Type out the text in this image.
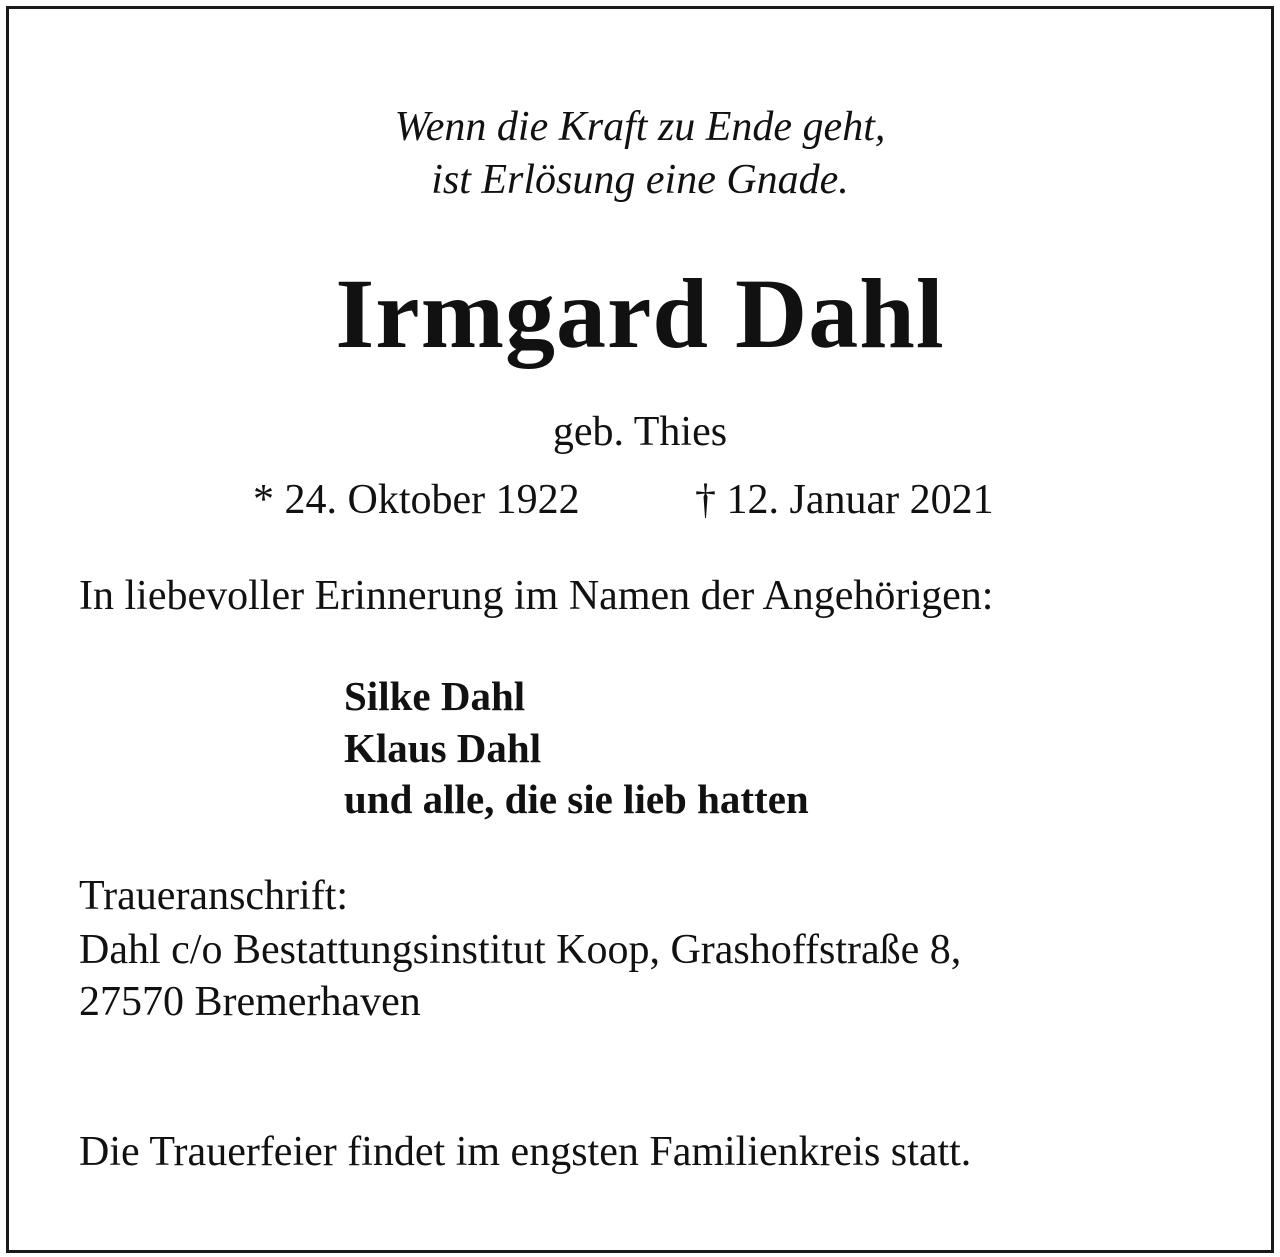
Wenn die Kraft zu Ende geht,
ist Erlösung eine Gnade.
Irmgard Dahl
geb. Thies
* 24. Oktober 1922	† 12. Januar 2021
In liebevoller Erinnerung im Namen der Angehörigen:
Silke Dahl
Klaus Dahl
und alle, die sie lieb hatten
Traueranschrift:
Dahl c/o Bestattungsinstitut Koop, Grashoffstraße 8,
27570 Bremerhaven
Die Trauerfeier findet im engsten Familienkreis statt.
